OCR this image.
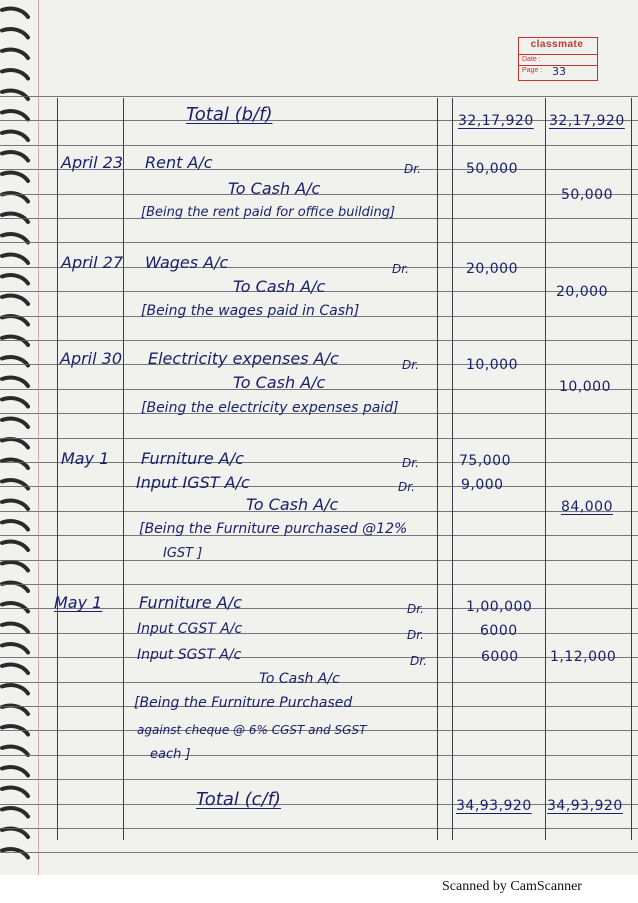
classmate
Date :
Page : 33
Total (b/f)	32,17,920 32,17,920
April 23 Rent A/c	Dr.	50,000
To Cash A/c	50,000
[Being the rent paid for office building]
April 27 Wages A/c	Dr.	20,000
To Cash A/c	20,000
[Being the wages paid in Cash]
April 30 Electricity expenses A/c	Dr.	10,000
To Cash A/c	10,000
[Being the electricity expenses paid]
May 1 Furniture A/c	Dr.	75,000
Input IGST A/c	Dr.	9,000
To Cash A/c	84,000
[Being the Furniture purchased @12%
IGST ]
May 1 Furniture A/c	Dr.	1,00,000
Input CGST A/c	Dr.	6000
Input SGST A/c	Dr.	6000 1,12,000
To Cash A/c
[Being the Furniture Purchased
against cheque @ 6% CGST and SGST
each ]
Total (c/f)	34,93,920 34,93,920
Scanned by CamScanner
